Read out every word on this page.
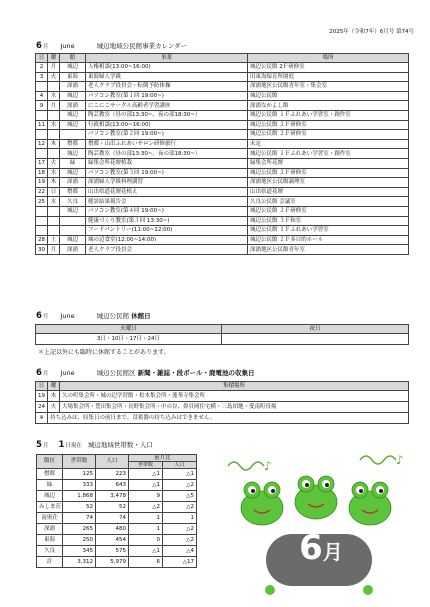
2025年（令和7年）6月号 第74号
6 月 June	城辺地域公民館事業カレンダー
日	曜	館	事業	場所
2	月	城辺	人権相談(13:00~16:00)	城辺公民館 2Ｆ研修室
3	火	東海	東海婦人学級	旧東海保育所園庭
		深浦	老人クラブ役員会・転倒予防体操	深浦地区公民館青年室・集会室
4	水	城辺	パソコン教室(第１回 19:00~)	城辺公民館
9	月	深浦	にこにこサークル高齢者学習講座	深浦なかよし館
		城辺	陶芸教室（昼の部13:30~、夜の部18:30~）	城辺公民館 １Ｆふれあい学習室・創作室
11	水	城辺	行政相談(13:00~16:00)	城辺公民館 ２Ｆ研修室
			パソコン教室(第２回 19:00~)	城辺公民館 ２Ｆ研修室
12	木	僧都	僧都・山出ふれあいサロン研修旅行	未定
		城辺	陶芸教室（昼の部13:30~、夜の部18:30~）	城辺公民館 １Ｆふれあい学習室・創作室
17	火	緑	緑集会所花壇植栽	緑集会所花壇
18	水	城辺	パソコン教室(第３回 19:00~)	城辺公民館 ２Ｆ研修室
19	木	深浦	深浦婦人学級料理講習	深浦地区公民館調理室
22	日	僧都	山出県道花壇花植え	山出県道花壇
25	水	久良	健診結果報告会	久良公民館 会議室
		城辺	パソコン教室(第４回 19:00~)	城辺公民館 ２Ｆ研修室
			健康づくり教室(第３回 13:30~)	城辺公民館 ３Ｆ和室
			フードパントリー(11:00~12:00)	城辺公民館 １Ｆふれあい学習室
28	土	城辺	城の辺食堂(12:00~14:00)	城辺公民館 ２Ｆ多目的ホール
30	月	深浦	老人クラブ役員会	深浦地区公民館青年室
6 月 June	城辺公民館 休館日
火曜日	祝日
3日・10日・17日・24日	
＊上記以外にも臨時に休館することがあります。
6 月 June	城辺公民館区 新聞・雑誌・段ボール・廃電池の収集日
日	曜	集積場所
19	木	久の町集会所・城の辺学習館・松木集会所・蓮華寺集会所
24	火	大場集会所・豊田集会所・長野集会所・中の谷、鼻貝岡住宅横・三島団地・愛南町役場
※	持ち込みは、収集日の前日まで。没蓄器の持ち込みはできません。	
5 月 1 日現在 城辺地域世帯数・人口
館区	世帯数	人口	前月比	
			世帯数	人口
僧都	125	223	△1	△1
緑	333	643	△1	△2
城辺	1,868	3,478	9	△5
みしま荘	52	52	△2	△2
南奥荘	74	74	1	1
深浦	265	480	1	△2
東海	250	454	0	△2
久良	345	575	△1	△4
計	3,312	5,979	6	△17
♪	♪
6月
